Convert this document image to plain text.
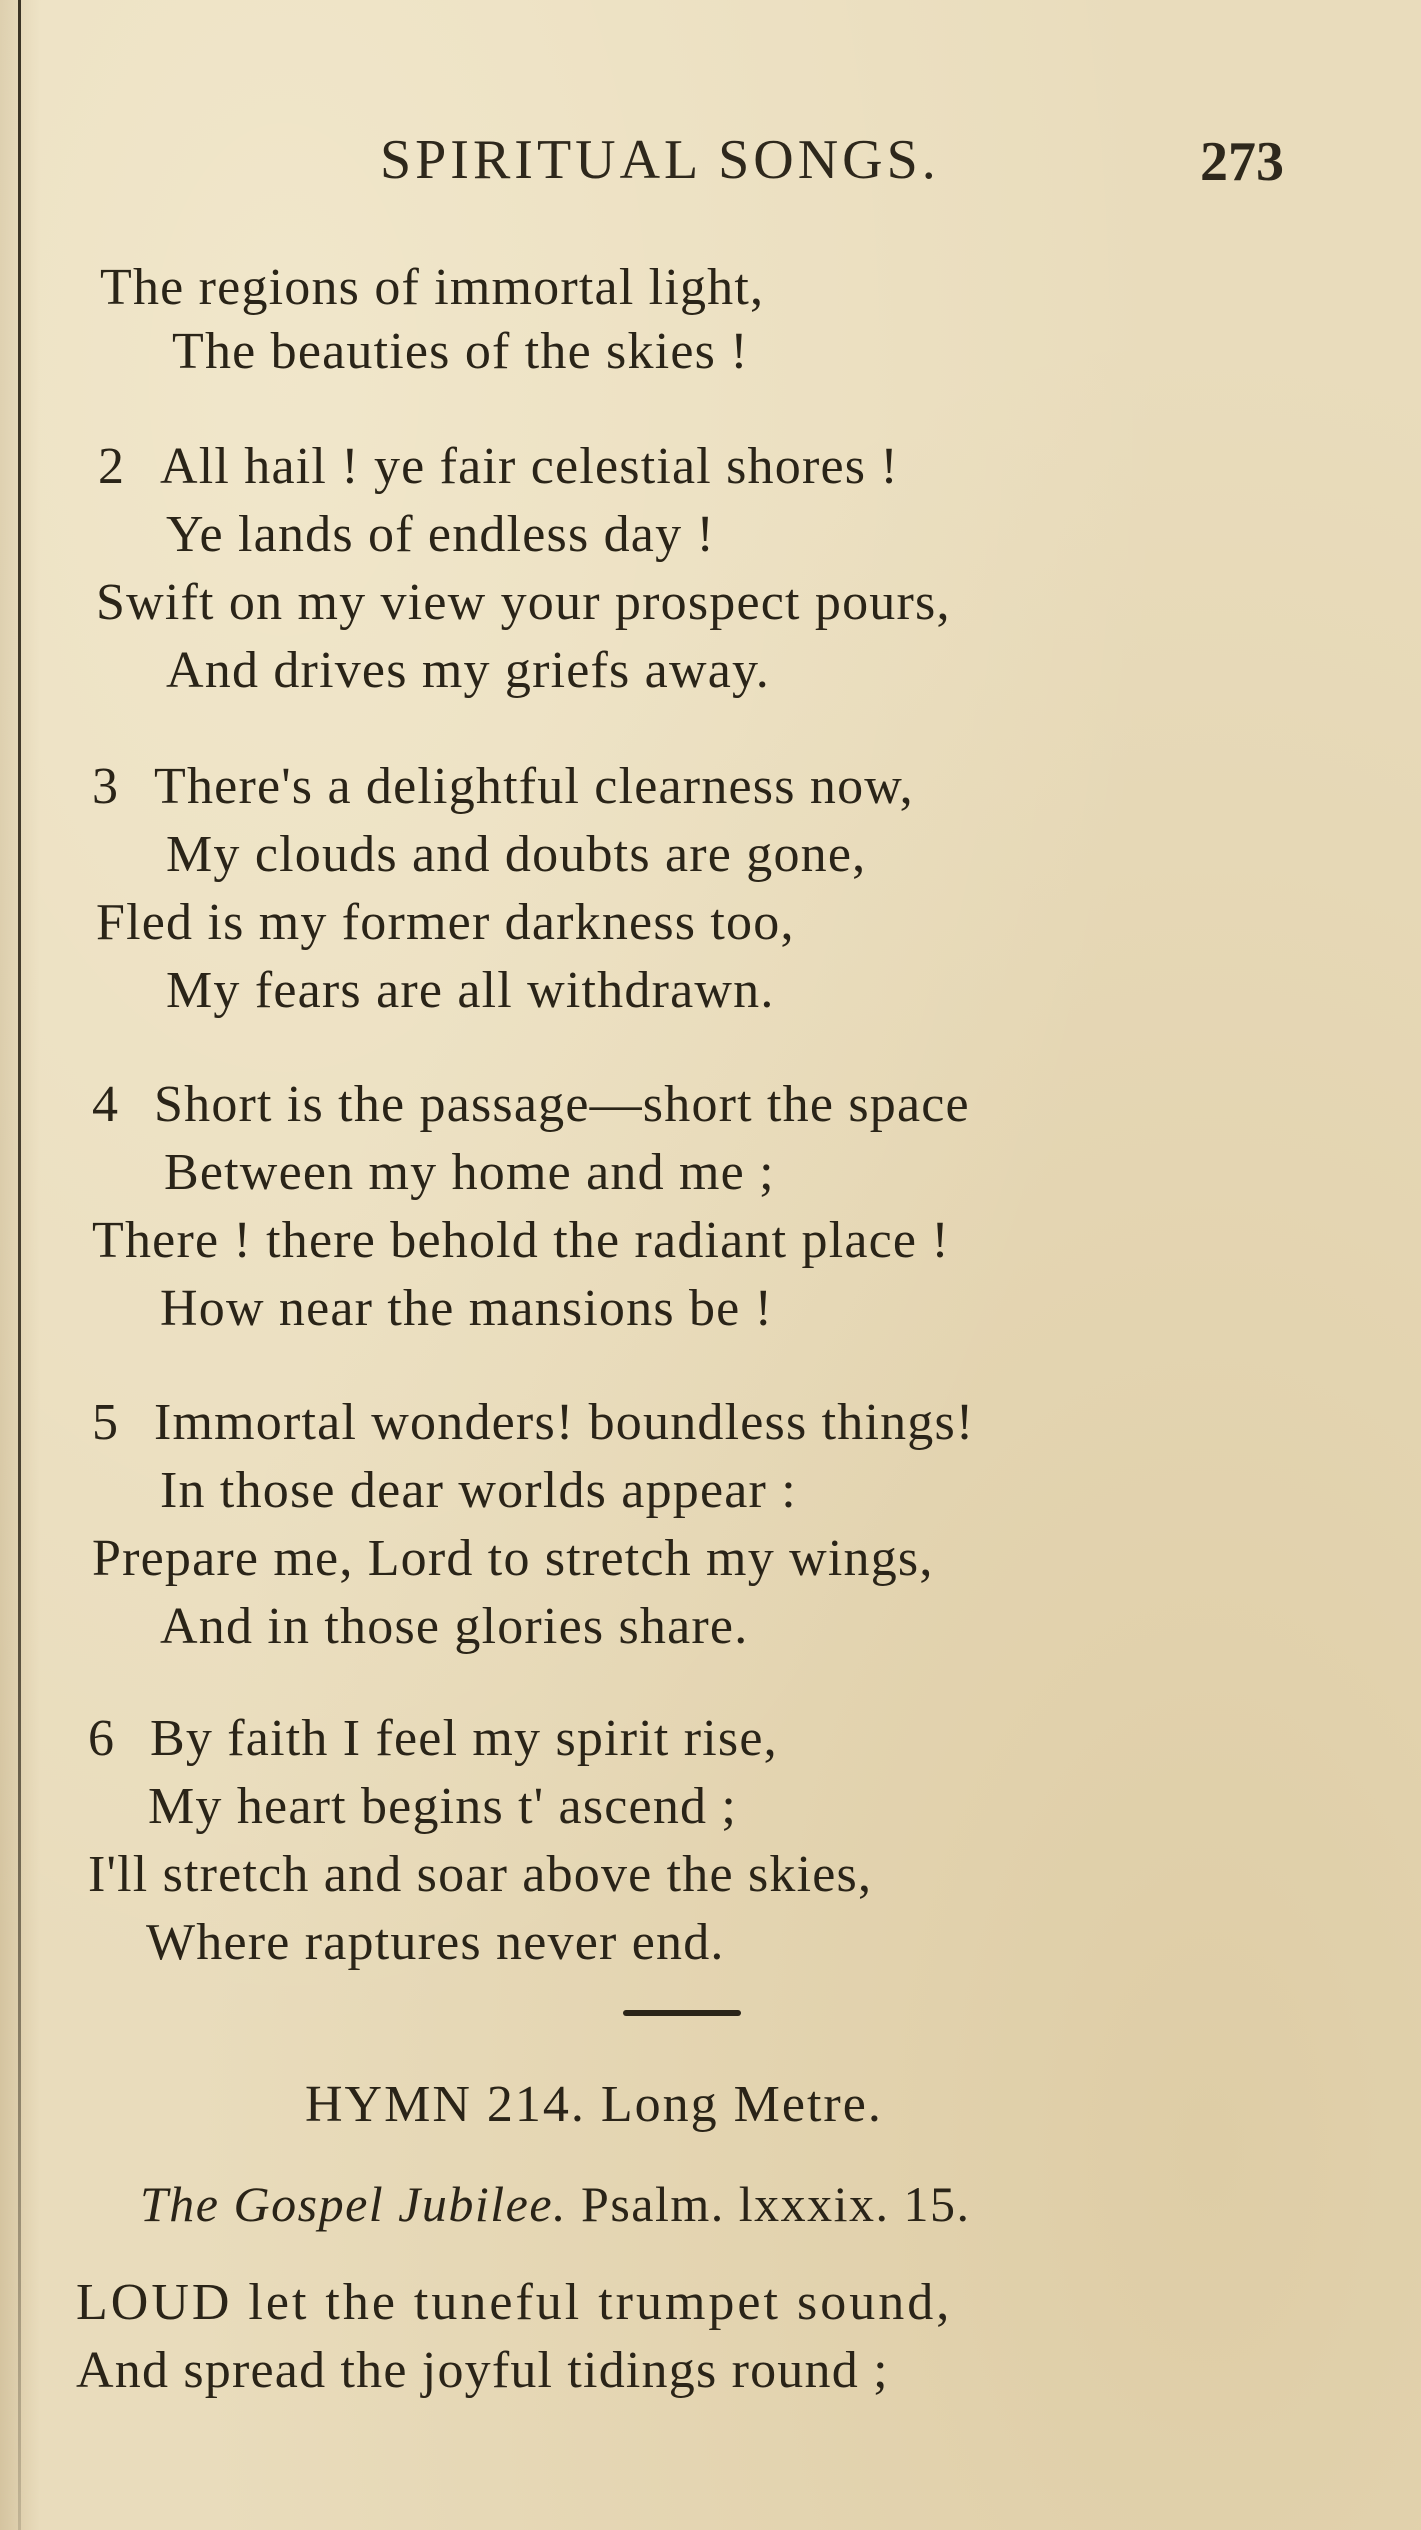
SPIRITUAL SONGS.	273
The regions of immortal light,
The beauties of the skies !
2 All hail ! ye fair celestial shores !
Ye lands of endless day !
Swift on my view your prospect pours,
And drives my griefs away.
3 There's a delightful clearness now,
My clouds and doubts are gone,
Fled is my former darkness too,
My fears are all withdrawn.
4 Short is the passage—short the space
Between my home and me ;
There ! there behold the radiant place !
How near the mansions be !
5 Immortal wonders! boundless things!
In those dear worlds appear :
Prepare me, Lord to stretch my wings,
And in those glories share.
6 By faith I feel my spirit rise,
My heart begins t' ascend ;
I'll stretch and soar above the skies,
Where raptures never end.
HYMN 214. Long Metre.
The Gospel Jubilee. Psalm. lxxxix. 15.
LOUD let the tuneful trumpet sound,
And spread the joyful tidings round ;
